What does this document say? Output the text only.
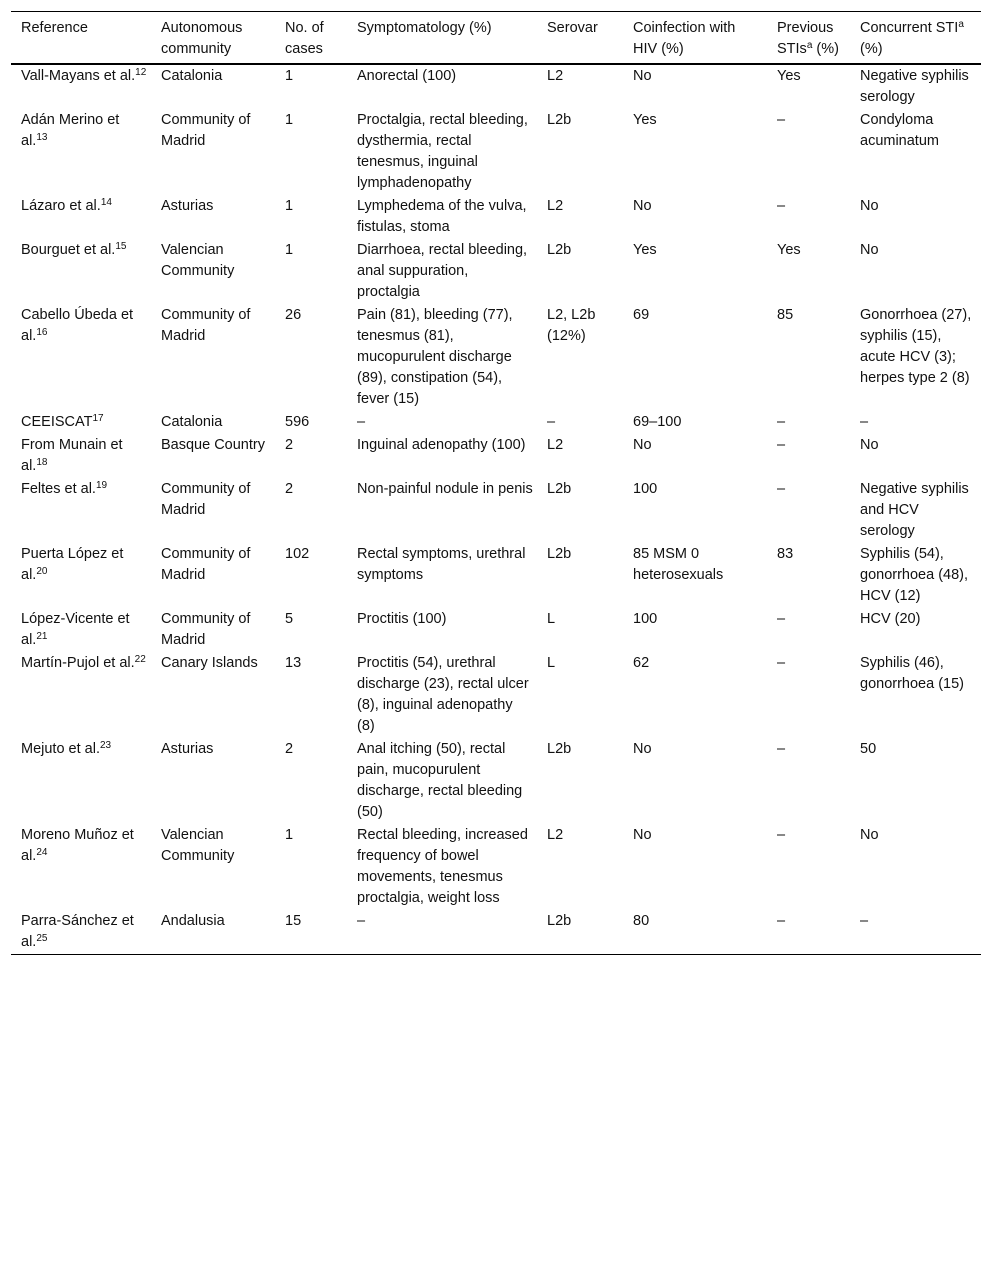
Reference	Autonomous community	No. of cases	Symptomatology (%)	Serovar	Coinfection with HIV (%)	Previous STIs$^a$ (%)	Concurrent STI$^a$ (%)
Vall-Mayans et al.$^{12}$	Catalonia	1	Anorectal (100)	L2	No	Yes	Negative syphilis serology
Adán Merino et al.$^{13}$	Community of Madrid	1	Proctalgia, rectal bleeding, dysthermia, rectal tenesmus, inguinal lymphadenopathy	L2b	Yes	–	Condyloma acuminatum
Lázaro et al.$^{14}$	Asturias	1	Lymphedema of the vulva, fistulas, stoma	L2	No	–	No
Bourguet et al.$^{15}$	Valencian Community	1	Diarrhoea, rectal bleeding, anal suppuration, proctalgia	L2b	Yes	Yes	No
Cabello Úbeda et al.$^{16}$	Community of Madrid	26	Pain (81), bleeding (77), tenesmus (81), mucopurulent discharge (89), constipation (54), fever (15)	L2, L2b (12%)	69	85	Gonorrhoea (27), syphilis (15), acute HCV (3); herpes type 2 (8)
CEEISCAT$^{17}$	Catalonia	596	–	–	69–100	–	–
From Munain et al.$^{18}$	Basque Country	2	Inguinal adenopathy (100)	L2	No	–	No
Feltes et al.$^{19}$	Community of Madrid	2	Non-painful nodule in penis	L2b	100	–	Negative syphilis and HCV serology
Puerta López et al.$^{20}$	Community of Madrid	102	Rectal symptoms, urethral symptoms	L2b	85 MSM 0 heterosexuals	83	Syphilis (54), gonorrhoea (48), HCV (12)
López-Vicente et al.$^{21}$	Community of Madrid	5	Proctitis (100)	L	100	–	HCV (20)
Martín-Pujol et al.$^{22}$	Canary Islands	13	Proctitis (54), urethral discharge (23), rectal ulcer (8), inguinal adenopathy (8)	L	62	–	Syphilis (46), gonorrhoea (15)
Mejuto et al.$^{23}$	Asturias	2	Anal itching (50), rectal pain, mucopurulent discharge, rectal bleeding (50)	L2b	No	–	50
Moreno Muñoz et al.$^{24}$	Valencian Community	1	Rectal bleeding, increased frequency of bowel movements, tenesmus proctalgia, weight loss	L2	No	–	No
Parra-Sánchez et al.$^{25}$	Andalusia	15	–	L2b	80	–	–
